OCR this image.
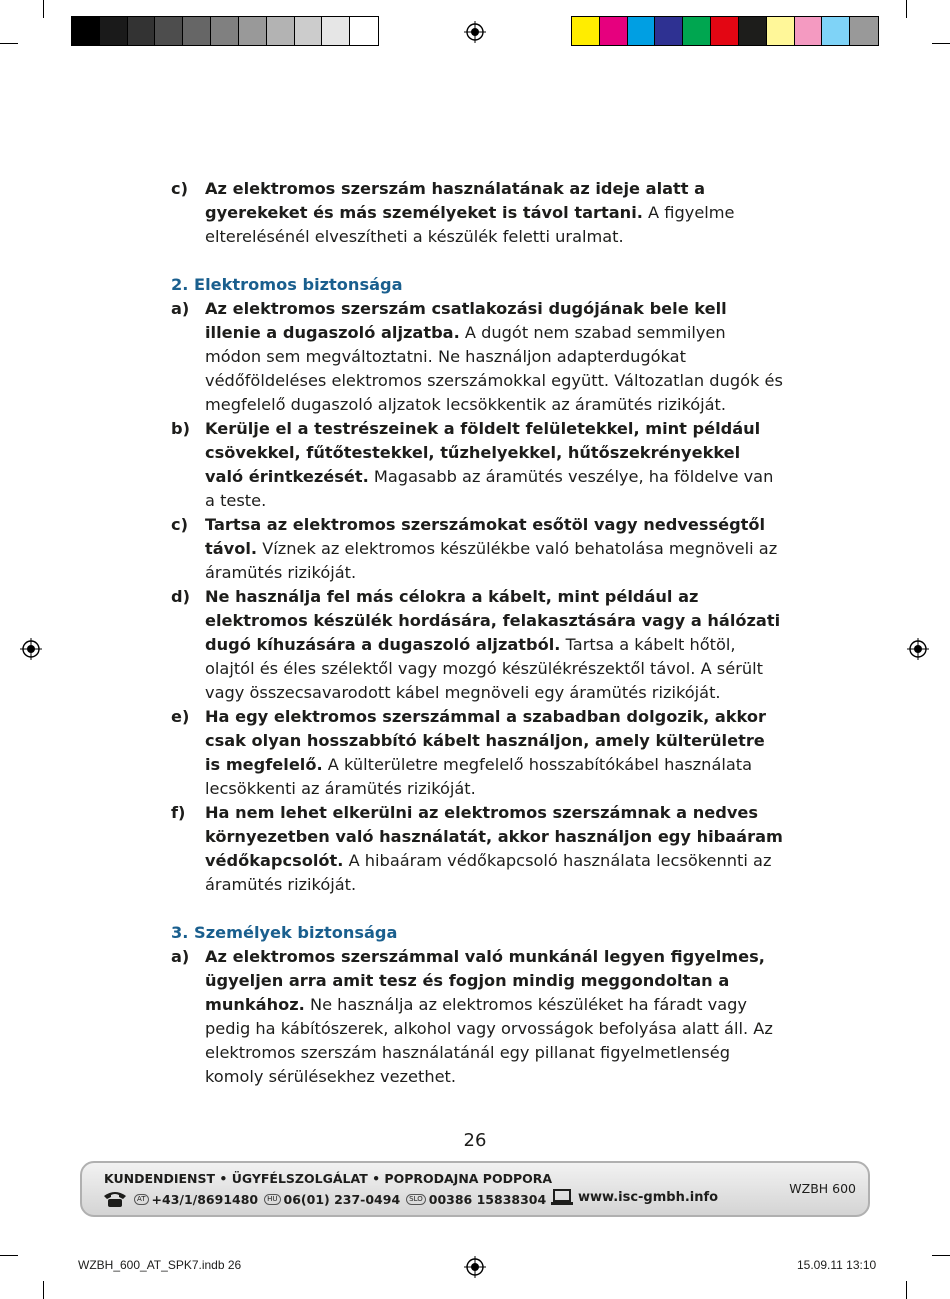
c)	Az elektromos szerszám használatának az ideje alatt a gyerekeket és más személyeket is távol tartani. A figyelme elterelésénél elveszítheti a készülék feletti uralmat.
2. Elektromos biztonsága
a) Az elektromos szerszám csatlakozási dugójának bele kell illenie a dugaszoló aljzatba. A dugót nem szabad semmilyen módon sem megváltoztatni. Ne használjon adapterdugókat védőföldeléses elektromos szerszámokkal együtt. Változatlan dugók és megfelelő dugaszoló aljzatok lecsökkentik az áramütés rizikóját.
b) Kerülje el a testrészeinek a földelt felületekkel, mint például csövekkel, fűtőtestekkel, tűzhelyekkel, hűtőszekrényekkel való érintkezését. Magasabb az áramütés veszélye, ha földelve van a teste.
c)	Tartsa az elektromos szerszámokat esőtöl vagy nedvességtől távol. Víznek az elektromos készülékbe való behatolása megnöveli az áramütés rizikóját.
d) Ne használja fel más célokra a kábelt, mint például az elektromos készülék hordására, felakasztására vagy a hálózati dugó kíhuzására a dugaszoló aljzatból. Tartsa a kábelt hőtöl, olajtól és éles szélektől vagy mozgó készülékrészektől távol. A sérült vagy összecsavarodott kábel megnöveli egy áramütés rizikóját.
e) Ha egy elektromos szerszámmal a szabadban dolgozik, akkor csak olyan hosszabbító kábelt használjon, amely külterületre is megfelelő. A külterületre megfelelő hosszabítókábel használata lecsökkenti az áramütés rizikóját.
f)	Ha nem lehet elkerülni az elektromos szerszámnak a nedves környezetben való használatát, akkor használjon egy hibaáram védőkapcsolót. A hibaáram védőkapcsoló használata lecsökennti az áramütés rizikóját.
3. Személyek biztonsága
a) Az elektromos szerszámmal való munkánál legyen figyelmes, ügyeljen arra amit tesz és fogjon mindig meggondoltan a munkához. Ne használja az elektromos készüléket ha fáradt vagy pedig ha kábítószerek, alkohol vagy orvosságok befolyása alatt áll. Az elektromos szerszám használatánál egy pillanat figyelmetlenség komoly sérülésekhez vezethet.
26
KUNDENDIENST • ÜGYFÉLSZOLGÁLAT • POPRODAJNA PODPORA
AT +43/1/8691480	HU 06(01) 237-0494	SLO 00386 15838304 www.isc-gmbh.info
WZBH 600
WZBH_600_AT_SPK7.indb 26	15.09.11 13:10
